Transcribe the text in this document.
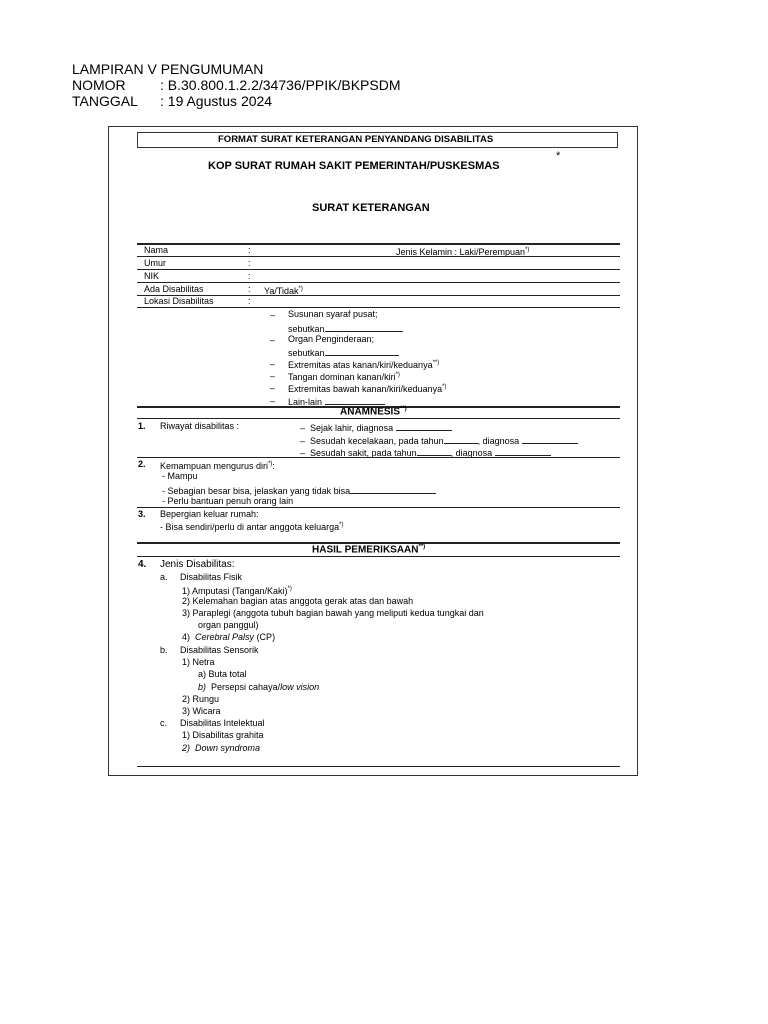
LAMPIRAN V PENGUMUMAN
NOMOR : B.30.800.1.2.2/34736/PPIK/BKPSDM
TANGGAL : 19 Agustus 2024
FORMAT SURAT KETERANGAN PENYANDANG DISABILITAS
KOP SURAT RUMAH SAKIT PEMERINTAH/PUSKESMAS
*
SURAT KETERANGAN
Nama	:	Jenis Kelamin : Laki/Perempuan*)
Umur	:
NIK	:
Ada Disabilitas	: Ya/Tidak*)
Lokasi Disabilitas	:
– Susunan syaraf pusat;
sebutkan
– Organ Penginderaan;
sebutkan
– Extremitas atas kanan/kiri/keduanya**)
– Tangan dominan kanan/kiri*)
– Extremitas bawah kanan/kiri/keduanya*)
– Lain-lain
ANAMNESIS**)
1. Riwayat disabilitas :	–  Sejak lahir, diagnosa
–  Sesudah kecelakaan, pada tahun	, diagnosa
–  Sesudah sakit, pada tahun	, diagnosa
2. Kemampuan mengurus diri*):
- Mampu
- Sebagian besar bisa, jelaskan yang tidak bisa
- Perlu bantuan penuh orang lain
3. Bepergian keluar rumah:
- Bisa sendiri/perlu di antar anggota keluarga*)
HASIL PEMERIKSAAN**)
4. Jenis Disabilitas:
a. Disabilitas Fisik
1) Amputasi (Tangan/Kaki)*)
2) Kelemahan bagian atas anggota gerak atas dan bawah
3) Paraplegi (anggota tubuh bagian bawah yang meliputi kedua tungkai dan
organ panggul)
4) Cerebral Palsy (CP)
b. Disabilitas Sensorik
1) Netra
a) Buta total
b) Persepsi cahaya/low vision
2) Rungu
3) Wicara
c. Disabilitas Intelektual
1) Disabilitas grahita
2) Down syndroma
